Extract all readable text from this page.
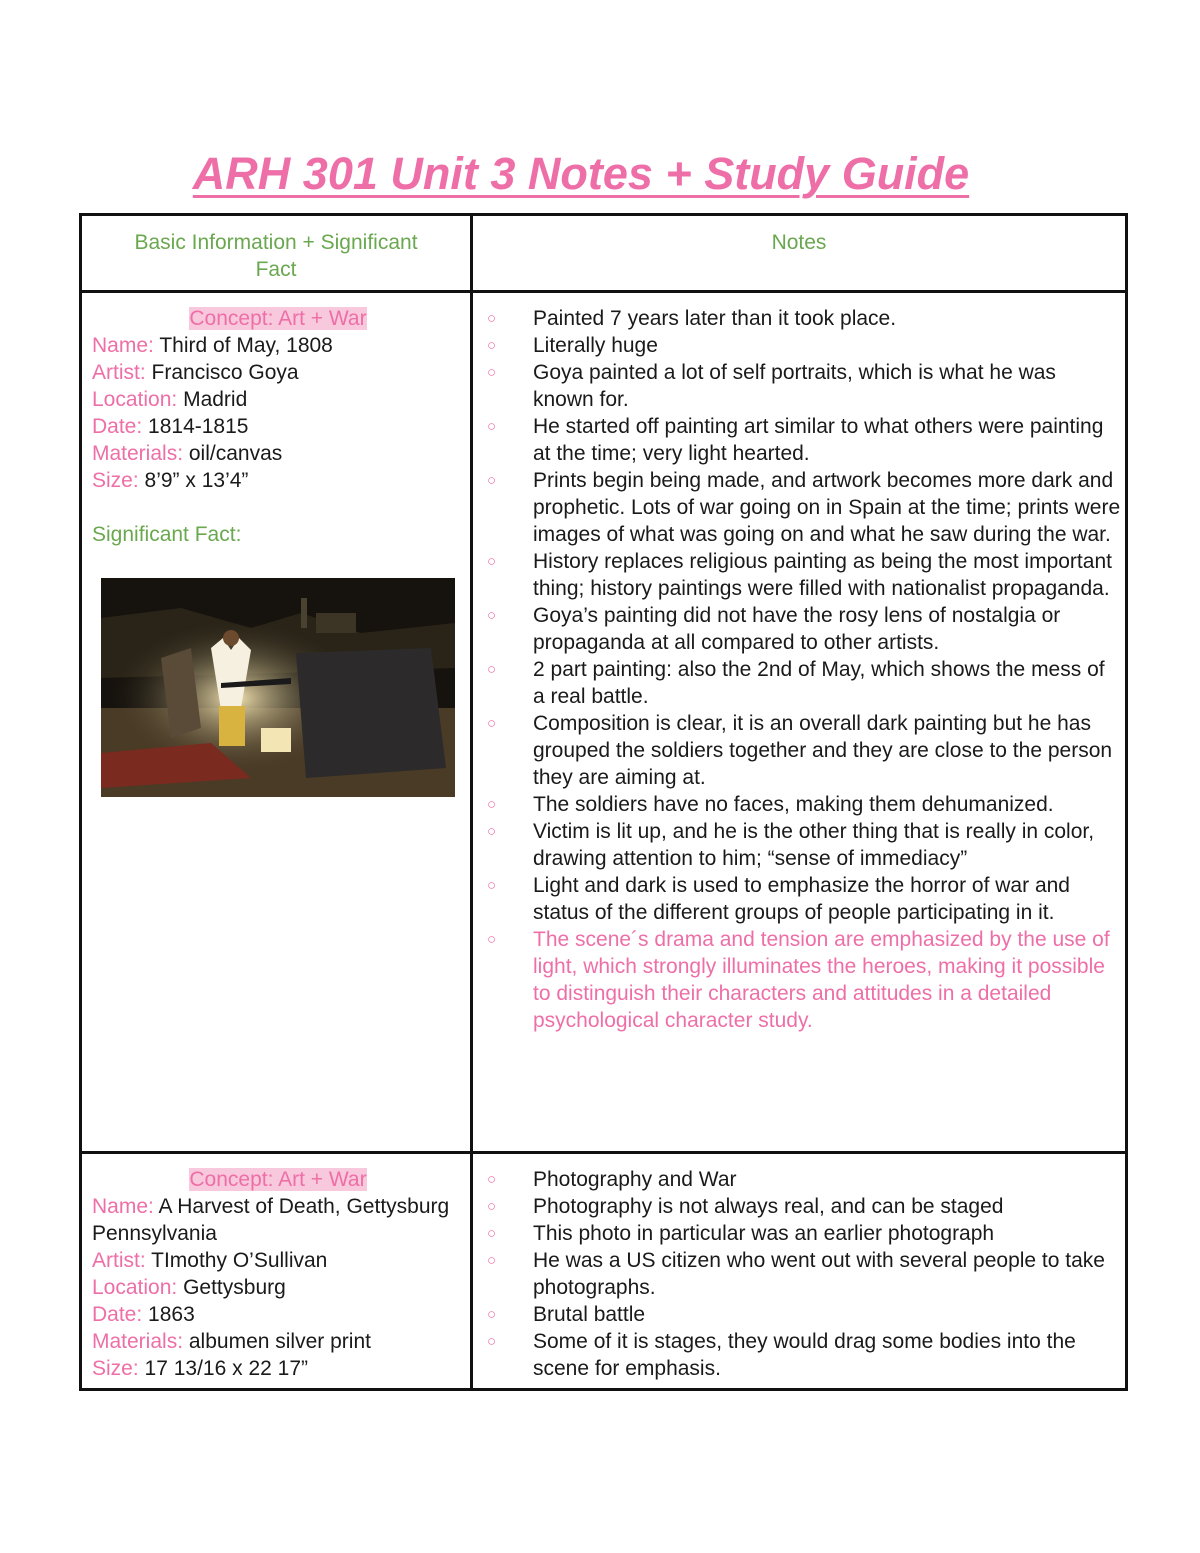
ARH 301 Unit 3 Notes + Study Guide
Basic Information + Significant Fact
Notes
Concept: Art + War
Name: Third of May, 1808
Artist: Francisco Goya
Location: Madrid
Date: 1814-1815
Materials: oil/canvas
Size: 8’9” x 13’4”
Significant Fact:
○ Painted 7 years later than it took place.
○ Literally huge
○ Goya painted a lot of self portraits, which is what he was known for.
○ He started off painting art similar to what others were painting at the time; very light hearted.
○ Prints begin being made, and artwork becomes more dark and prophetic. Lots of war going on in Spain at the time; prints were images of what was going on and what he saw during the war.
○ History replaces religious painting as being the most important thing; history paintings were filled with nationalist propaganda.
○ Goya’s painting did not have the rosy lens of nostalgia or propaganda at all compared to other artists.
○ 2 part painting: also the 2nd of May, which shows the mess of a real battle.
○ Composition is clear, it is an overall dark painting but he has grouped the soldiers together and they are close to the person they are aiming at.
○ The soldiers have no faces, making them dehumanized.
○ Victim is lit up, and he is the other thing that is really in color, drawing attention to him; “sense of immediacy”
○ Light and dark is used to emphasize the horror of war and status of the different groups of people participating in it.
○ The scene´s drama and tension are emphasized by the use of light, which strongly illuminates the heroes, making it possible to distinguish their characters and attitudes in a detailed psychological character study.
Concept: Art + War
Name: A Harvest of Death, Gettysburg Pennsylvania
Artist: TImothy O’Sullivan
Location: Gettysburg
Date: 1863
Materials: albumen silver print
Size: 17 13/16 x 22 17”
○ Photography and War
○ Photography is not always real, and can be staged
○ This photo in particular was an earlier photograph
○ He was a US citizen who went out with several people to take photographs.
○ Brutal battle
○ Some of it is stages, they would drag some bodies into the scene for emphasis.
